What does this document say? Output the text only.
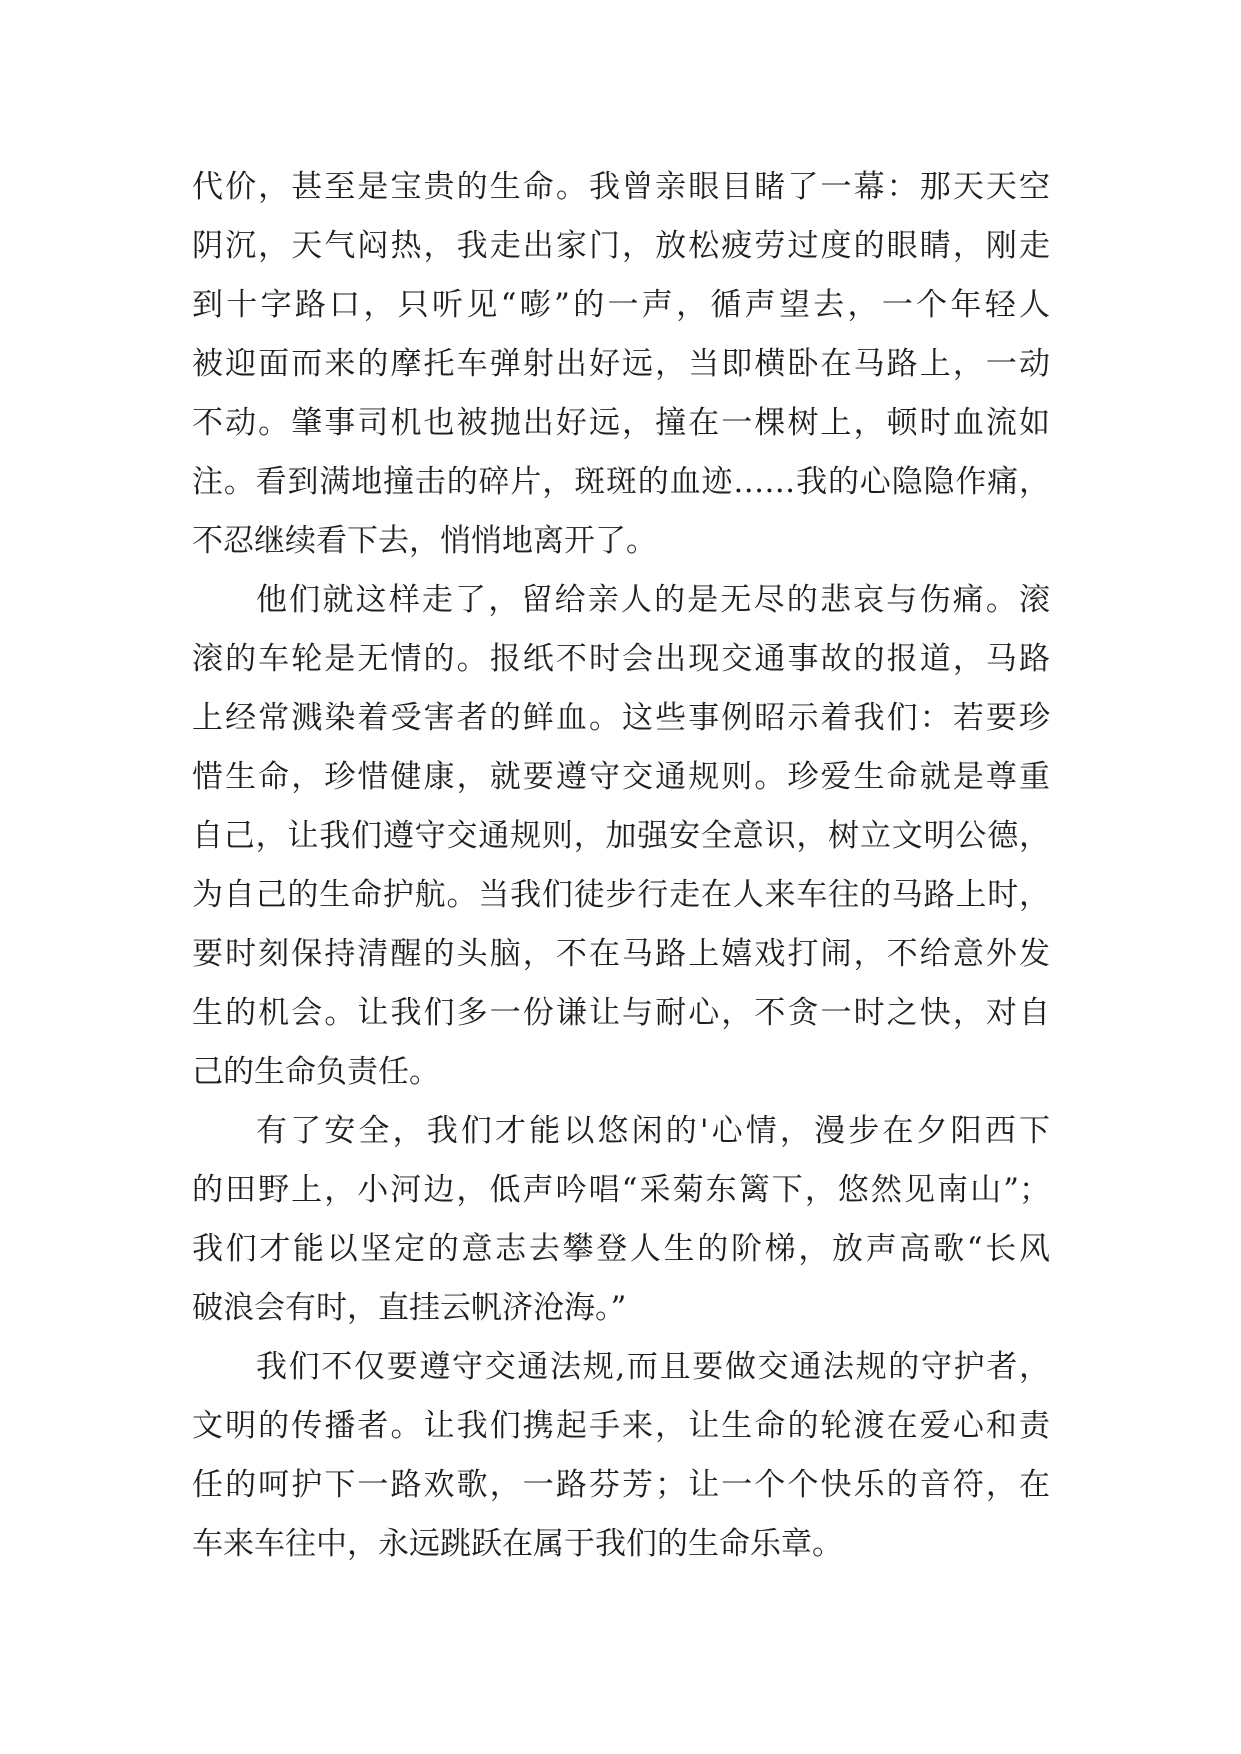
代价，甚至是宝贵的生命。我曾亲眼目睹了一幕：那天天空
阴沉，天气闷热，我走出家门，放松疲劳过度的眼睛，刚走
到十字路口，只听见“嘭”的一声，循声望去，一个年轻人
被迎面而来的摩托车弹射出好远，当即横卧在马路上，一动
不动。肇事司机也被抛出好远，撞在一棵树上，顿时血流如
注。看到满地撞击的碎片，斑斑的血迹……我的心隐隐作痛，
不忍继续看下去，悄悄地离开了。
他们就这样走了，留给亲人的是无尽的悲哀与伤痛。滚
滚的车轮是无情的。报纸不时会出现交通事故的报道，马路
上经常溅染着受害者的鲜血。这些事例昭示着我们：若要珍
惜生命，珍惜健康，就要遵守交通规则。珍爱生命就是尊重
自己，让我们遵守交通规则，加强安全意识，树立文明公德，
为自己的生命护航。当我们徒步行走在人来车往的马路上时，
要时刻保持清醒的头脑，不在马路上嬉戏打闹，不给意外发
生的机会。让我们多一份谦让与耐心，不贪一时之快，对自
己的生命负责任。
有了安全，我们才能以悠闲的'心情，漫步在夕阳西下
的田野上，小河边，低声吟唱“采菊东篱下，悠然见南山”；
我们才能以坚定的意志去攀登人生的阶梯，放声高歌“长风
破浪会有时，直挂云帆济沧海。”
我们不仅要遵守交通法规,而且要做交通法规的守护者，
文明的传播者。让我们携起手来，让生命的轮渡在爱心和责
任的呵护下一路欢歌，一路芬芳；让一个个快乐的音符，在
车来车往中，永远跳跃在属于我们的生命乐章。
